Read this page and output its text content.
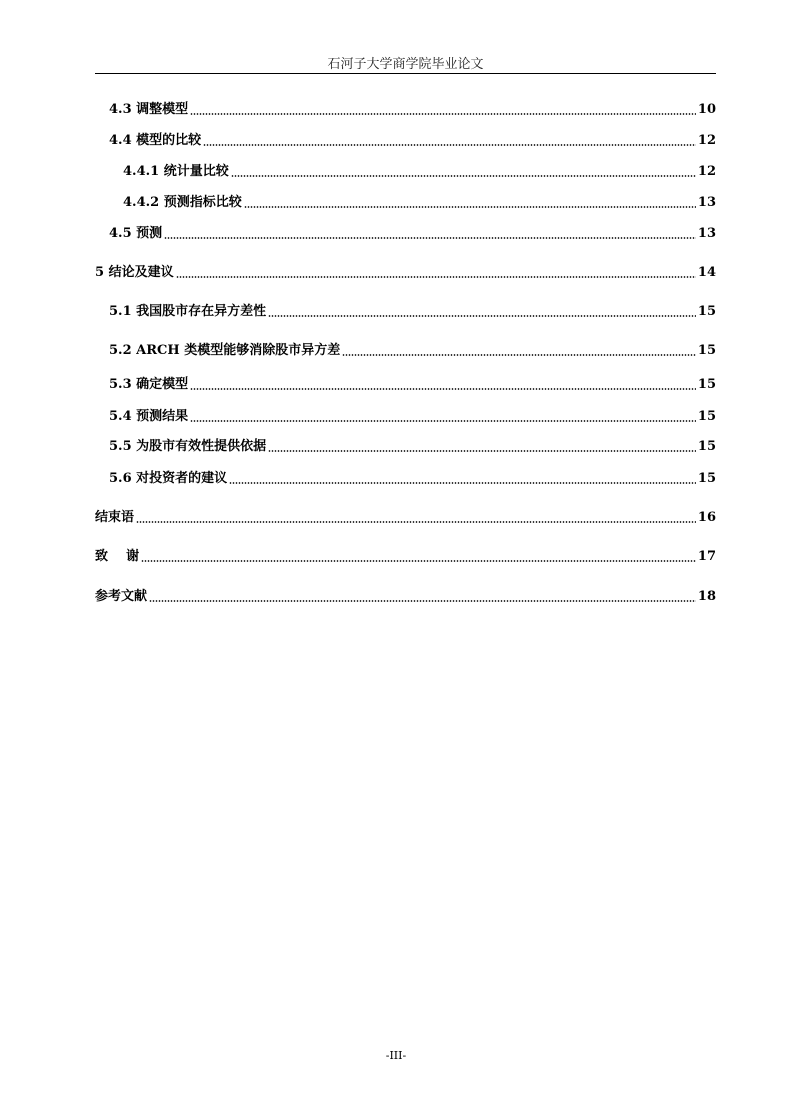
石河子大学商学院毕业论文
4.3 调整模型	10
4.4 模型的比较	12
4.4.1 统计量比较	12
4.4.2 预测指标比较	13
4.5 预测	13
5 结论及建议	14
5.1 我国股市存在异方差性	15
5.2 ARCH 类模型能够消除股市异方差	15
5.3 确定模型	15
5.4 预测结果	15
5.5 为股市有效性提供依据	15
5.6 对投资者的建议	15
结束语	16
致    谢	17
参考文献	18
-III-
